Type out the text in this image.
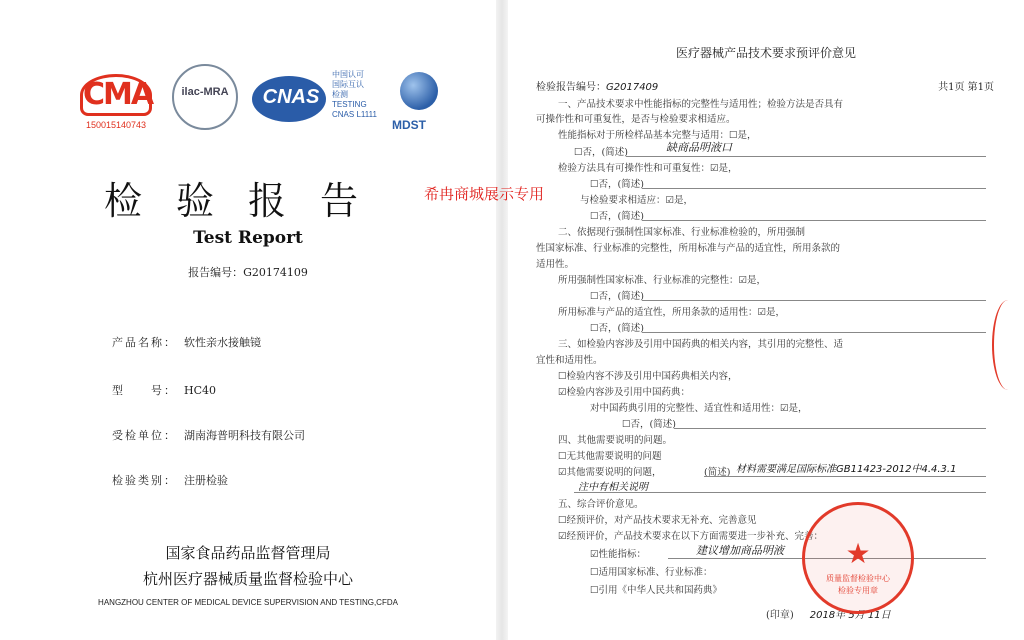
CMA
150015140743
ilac-MRA	CNAS
中国认可
国际互认
检测
TESTING
CNAS L1111
MDST
检验报告
Test Report
报告编号：G20174109
产品名称： 软性亲水接触镜
型　　号： HC40
受检单位： 湖南海普明科技有限公司
检验类别： 注册检验
国家食品药品监督管理局
杭州医疗器械质量监督检验中心
HANGZHOU CENTER OF MEDICAL DEVICE SUPERVISION AND TESTING,CFDA
希冉商城展示专用
医疗器械产品技术要求预评价意见
检验报告编号：G2017409	共1页 第1页
一、产品技术要求中性能指标的完整性与适用性；检验方法是否具有
可操作性和可重复性，是否与检验要求相适应。
性能指标对于所检样品基本完整与适用：☐是，
☐否，(简述)	缺商品明液口
检验方法具有可操作性和可重复性：☑是，
☐否，(简述)
与检验要求相适应：☑是，
☐否，(简述)
二、依据现行强制性国家标准、行业标准检验的，所用强制
性国家标准、行业标准的完整性，所用标准与产品的适宜性，所用条款的
适用性。
所用强制性国家标准、行业标准的完整性：☑是，
☐否，(简述)
所用标准与产品的适宜性，所用条款的适用性：☑是，
☐否，(简述)
三、如检验内容涉及引用中国药典的相关内容，其引用的完整性、适
宜性和适用性。
☐检验内容不涉及引用中国药典相关内容，
☑检验内容涉及引用中国药典：
对中国药典引用的完整性、适宜性和适用性：☑是，
☐否，(简述)
四、其他需要说明的问题。
☐无其他需要说明的问题
☑其他需要说明的问题，	(简述) 材料需要满足国际标准GB11423-2012中4.4.3.1
注中有相关说明
五、综合评价意见。
☐经预评价，对产品技术要求无补充、完善意见
☑经预评价，产品技术要求在以下方面需要进一步补充、完善：
☑性能指标：	建议增加商品明液
☐适用国家标准、行业标准：
☐引用《中华人民共和国药典》
★
质量监督检验中心
检验专用章
(印章) 2018年 5月 11日
